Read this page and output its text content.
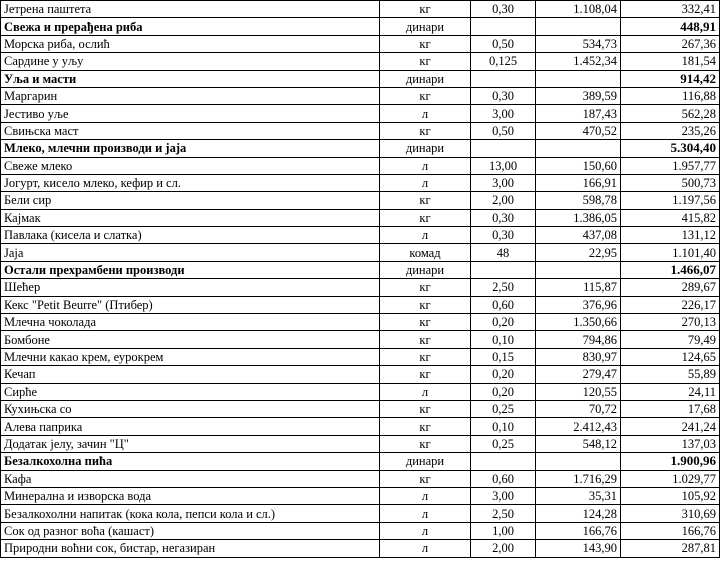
Јетрена паштета	кг	0,30	1.108,04	332,41
Свежа и прерађена риба	динари			448,91
Морска риба, ослић	кг	0,50	534,73	267,36
Сардине у уљу	кг	0,125	1.452,34	181,54
Уља и масти	динари			914,42
Маргарин	кг	0,30	389,59	116,88
Јестиво уље	л	3,00	187,43	562,28
Свињска маст	кг	0,50	470,52	235,26
Млеко, млечни производи и јаја	динари			5.304,40
Свеже млеко	л	13,00	150,60	1.957,77
Јогурт, кисело млеко, кефир и сл.	л	3,00	166,91	500,73
Бели сир	кг	2,00	598,78	1.197,56
Кајмак	кг	0,30	1.386,05	415,82
Павлака (кисела и слатка)	л	0,30	437,08	131,12
Јаја	комад	48	22,95	1.101,40
Остали прехрамбени производи	динари			1.466,07
Шећер	кг	2,50	115,87	289,67
Кекс "Petit Beurre" (Птибер)	кг	0,60	376,96	226,17
Млечна чоколада	кг	0,20	1.350,66	270,13
Бомбоне	кг	0,10	794,86	79,49
Млечни какао крем, еурокрем	кг	0,15	830,97	124,65
Кечап	кг	0,20	279,47	55,89
Сирће	л	0,20	120,55	24,11
Кухињска со	кг	0,25	70,72	17,68
Алева паприка	кг	0,10	2.412,43	241,24
Додатак јелу, зачин "Ц"	кг	0,25	548,12	137,03
Безалкохолна пића	динари			1.900,96
Кафа	кг	0,60	1.716,29	1.029,77
Минерална и изворска вода	л	3,00	35,31	105,92
Безалкохолни напитак (кока кола, пепси кола и сл.)	л	2,50	124,28	310,69
Сок од разног воћа (кашаст)	л	1,00	166,76	166,76
Природни воћни сок, бистар, негазиран	л	2,00	143,90	287,81
